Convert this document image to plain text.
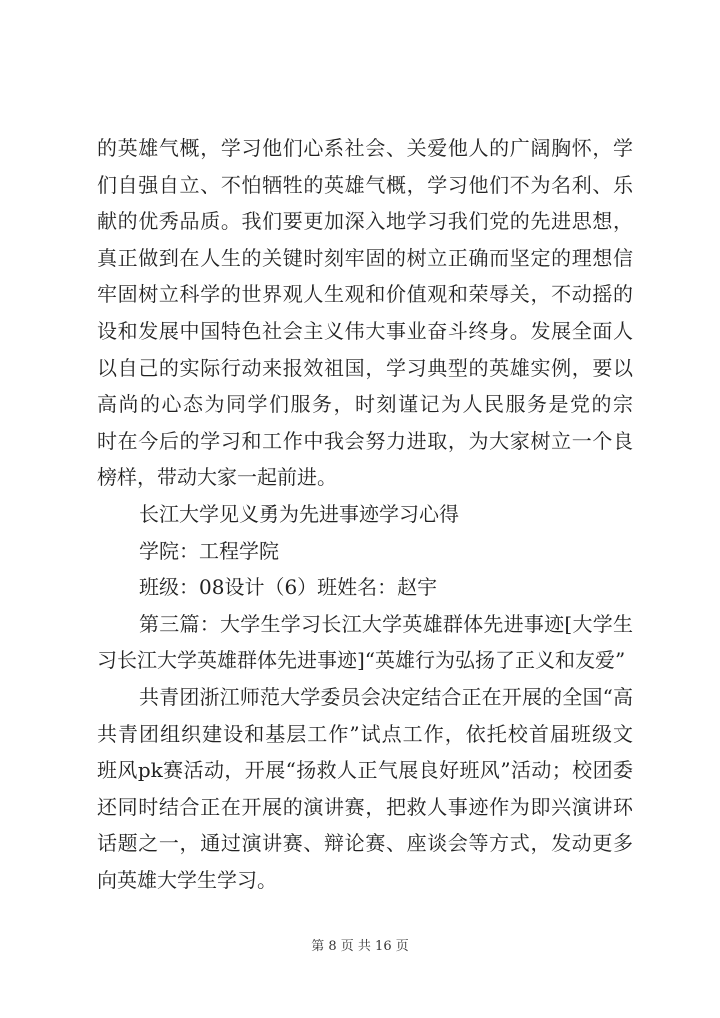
的英雄气概，学习他们心系社会、关爱他人的广阔胸怀，学
们自强自立、不怕牺牲的英雄气概，学习他们不为名利、乐
献的优秀品质。我们要更加深入地学习我们党的先进思想，
真正做到在人生的关键时刻牢固的树立正确而坚定的理想信
牢固树立科学的世界观人生观和价值观和荣辱关，不动摇的
设和发展中国特色社会主义伟大事业奋斗终身。发展全面人
以自己的实际行动来报效祖国，学习典型的英雄实例，要以
高尚的心态为同学们服务，时刻谨记为人民服务是党的宗
时在今后的学习和工作中我会努力进取，为大家树立一个良
榜样，带动大家一起前进。
长江大学见义勇为先进事迹学习心得
学院：工程学院
班级：08设计（6）班姓名：赵宇
第三篇：大学生学习长江大学英雄群体先进事迹[大学生
习长江大学英雄群体先进事迹]“英雄行为弘扬了正义和友爱”
共青团浙江师范大学委员会决定结合正在开展的全国“高
共青团组织建设和基层工作”试点工作，依托校首届班级文
班风pk赛活动，开展“扬救人正气展良好班风”活动；校团委
还同时结合正在开展的演讲赛，把救人事迹作为即兴演讲环
话题之一，通过演讲赛、辩论赛、座谈会等方式，发动更多
向英雄大学生学习。
第 8 页 共 16 页
